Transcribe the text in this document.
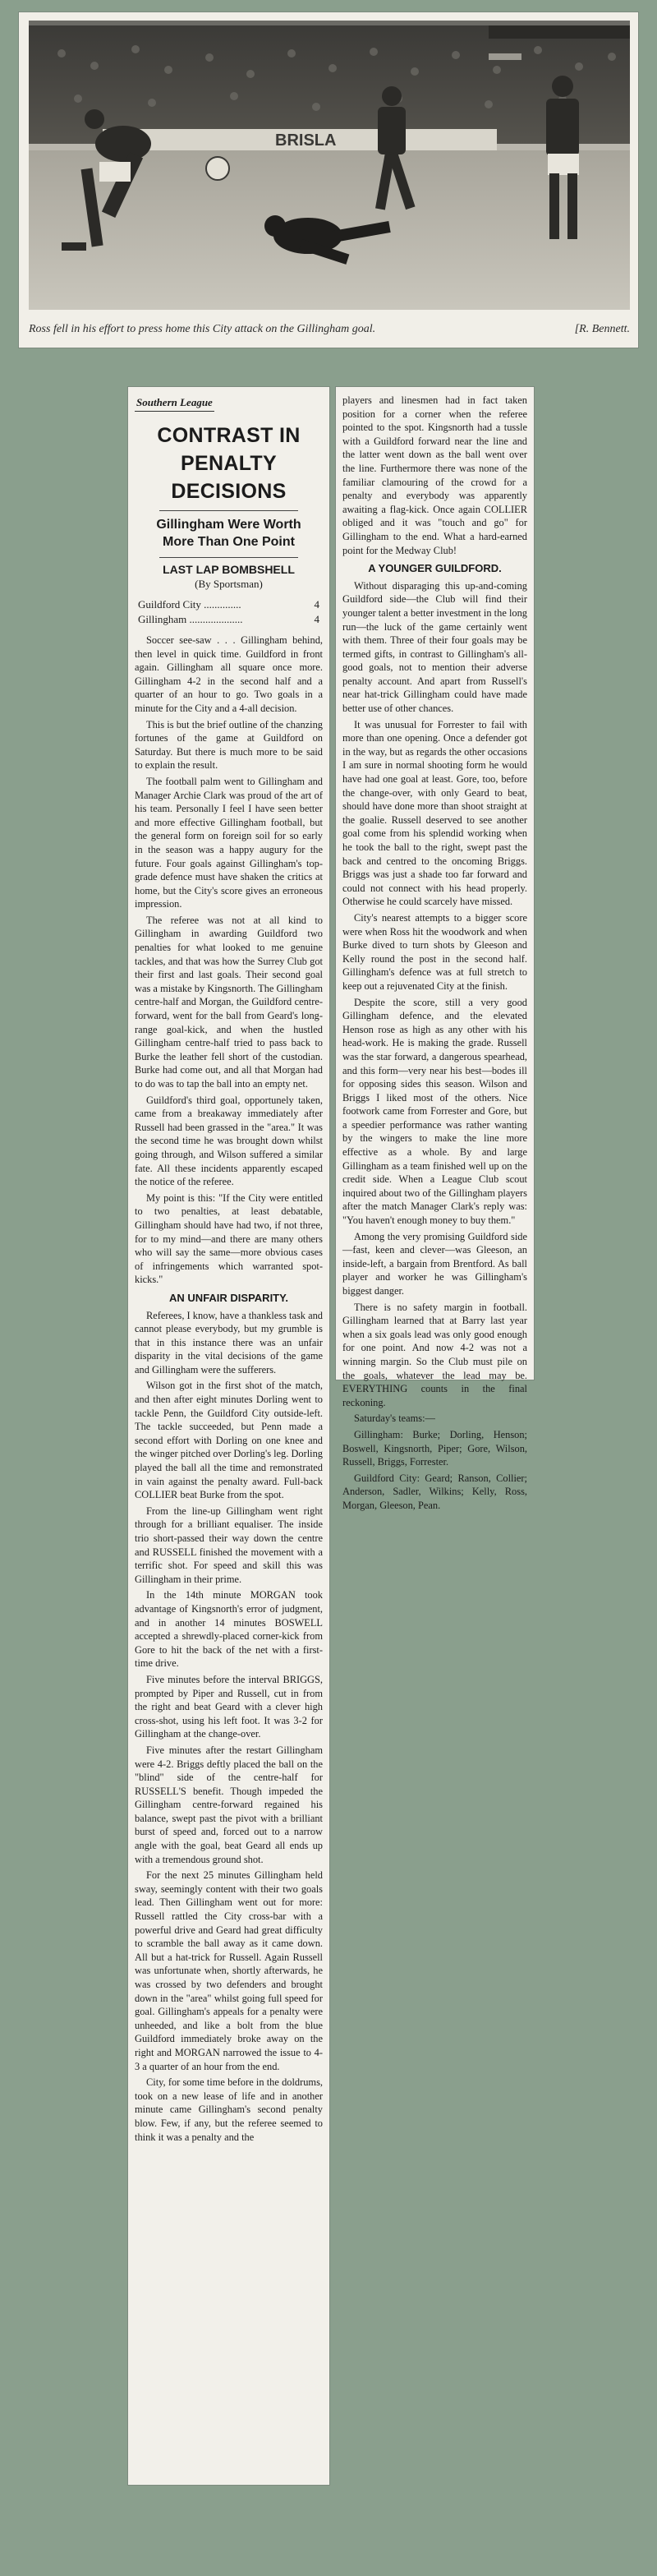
BRISLA
Ross fell in his effort to press home this City attack on the Gillingham goal.	[R. Bennett.
Southern League
CONTRAST IN PENALTY DECISIONS
Gillingham Were Worth More Than One Point
LAST LAP BOMBSHELL
(By Sportsman)
Guildford City ..............	4
Gillingham ....................	4

Soccer see-saw . . . Gillingham behind, then level in quick time. Guildford in front again. Gillingham all square once more. Gillingham 4-2 in the second half and a quarter of an hour to go. Two goals in a minute for the City and a 4-all decision.

This is but the brief outline of the chanzing fortunes of the game at Guildford on Saturday. But there is much more to be said to explain the result.

The football palm went to Gillingham and Manager Archie Clark was proud of the art of his team. Personally I feel I have seen better and more effective Gillingham football, but the general form on foreign soil for so early in the season was a happy augury for the future. Four goals against Gillingham's top-grade defence must have shaken the critics at home, but the City's score gives an erroneous impression.

The referee was not at all kind to Gillingham in awarding Guildford two penalties for what looked to me genuine tackles, and that was how the Surrey Club got their first and last goals. Their second goal was a mistake by Kingsnorth. The Gillingham centre-half and Morgan, the Guildford centre-forward, went for the ball from Geard's long-range goal-kick, and when the hustled Gillingham centre-half tried to pass back to Burke the leather fell short of the custodian. Burke had come out, and all that Morgan had to do was to tap the ball into an empty net.

Guildford's third goal, opportunely taken, came from a breakaway immediately after Russell had been grassed in the "area." It was the second time he was brought down whilst going through, and Wilson suffered a similar fate. All these incidents apparently escaped the notice of the referee.

My point is this: "If the City were entitled to two penalties, at least debatable, Gillingham should have had two, if not three, for to my mind—and there are many others who will say the same—more obvious cases of infringements which warranted spot-kicks."

AN UNFAIR DISPARITY.

Referees, I know, have a thankless task and cannot please everybody, but my grumble is that in this instance there was an unfair disparity in the vital decisions of the game and Gillingham were the sufferers.

Wilson got in the first shot of the match, and then after eight minutes Dorling went to tackle Penn, the Guildford City outside-left. The tackle succeeded, but Penn made a second effort with Dorling on one knee and the winger pitched over Dorling's leg. Dorling played the ball all the time and remonstrated in vain against the penalty award. Full-back COLLIER beat Burke from the spot.

From the line-up Gillingham went right through for a brilliant equaliser. The inside trio short-passed their way down the centre and RUSSELL finished the movement with a terrific shot. For speed and skill this was Gillingham in their prime.

In the 14th minute MORGAN took advantage of Kingsnorth's error of judgment, and in another 14 minutes BOSWELL accepted a shrewdly-placed corner-kick from Gore to hit the back of the net with a first-time drive.

Five minutes before the interval BRIGGS, prompted by Piper and Russell, cut in from the right and beat Geard with a clever high cross-shot, using his left foot. It was 3-2 for Gillingham at the change-over.

Five minutes after the restart Gillingham were 4-2. Briggs deftly placed the ball on the "blind" side of the centre-half for RUSSELL'S benefit. Though impeded the Gillingham centre-forward regained his balance, swept past the pivot with a brilliant burst of speed and, forced out to a narrow angle with the goal, beat Geard all ends up with a tremendous ground shot.

For the next 25 minutes Gillingham held sway, seemingly content with their two goals lead. Then Gillingham went out for more: Russell rattled the City cross-bar with a powerful drive and Geard had great difficulty to scramble the ball away as it came down. All but a hat-trick for Russell. Again Russell was unfortunate when, shortly afterwards, he was crossed by two defenders and brought down in the "area" whilst going full speed for goal. Gillingham's appeals for a penalty were unheeded, and like a bolt from the blue Guildford immediately broke away on the right and MORGAN narrowed the issue to 4-3 a quarter of an hour from the end.

City, for some time before in the doldrums, took on a new lease of life and in another minute came Gillingham's second penalty blow. Few, if any, but the referee seemed to think it was a penalty and the

players and linesmen had in fact taken position for a corner when the referee pointed to the spot. Kingsnorth had a tussle with a Guildford forward near the line and the latter went down as the ball went over the line. Furthermore there was none of the familiar clamouring of the crowd for a penalty and everybody was apparently awaiting a flag-kick. Once again COLLIER obliged and it was "touch and go" for Gillingham to the end. What a hard-earned point for the Medway Club!

A YOUNGER GUILDFORD.

Without disparaging this up-and-coming Guildford side—the Club will find their younger talent a better investment in the long run—the luck of the game certainly went with them. Three of their four goals may be termed gifts, in contrast to Gillingham's all-good goals, not to mention their adverse penalty account. And apart from Russell's near hat-trick Gillingham could have made better use of other chances.

It was unusual for Forrester to fail with more than one opening. Once a defender got in the way, but as regards the other occasions I am sure in normal shooting form he would have had one goal at least. Gore, too, before the change-over, with only Geard to beat, should have done more than shoot straight at the goalie. Russell deserved to see another goal come from his splendid working when he took the ball to the right, swept past the back and centred to the oncoming Briggs. Briggs was just a shade too far forward and could not connect with his head properly. Otherwise he could scarcely have missed.

City's nearest attempts to a bigger score were when Ross hit the woodwork and when Burke dived to turn shots by Gleeson and Kelly round the post in the second half. Gillingham's defence was at full stretch to keep out a rejuvenated City at the finish.

Despite the score, still a very good Gillingham defence, and the elevated Henson rose as high as any other with his head-work. He is making the grade. Russell was the star forward, a dangerous spearhead, and this form—very near his best—bodes ill for opposing sides this season. Wilson and Briggs I liked most of the others. Nice footwork came from Forrester and Gore, but a speedier performance was rather wanting by the wingers to make the line more effective as a whole. By and large Gillingham as a team finished well up on the credit side. When a League Club scout inquired about two of the Gillingham players after the match Manager Clark's reply was: "You haven't enough money to buy them."

Among the very promising Guildford side—fast, keen and clever—was Gleeson, an inside-left, a bargain from Brentford. As ball player and worker he was Gillingham's biggest danger.

There is no safety margin in football. Gillingham learned that at Barry last year when a six goals lead was only good enough for one point. And now 4-2 was not a winning margin. So the Club must pile on the goals, whatever the lead may be. EVERYTHING counts in the final reckoning.

Saturday's teams:—

Gillingham: Burke; Dorling, Henson; Boswell, Kingsnorth, Piper; Gore, Wilson, Russell, Briggs, Forrester.

Guildford City: Geard; Ranson, Collier; Anderson, Sadler, Wilkins; Kelly, Ross, Morgan, Gleeson, Pean.
